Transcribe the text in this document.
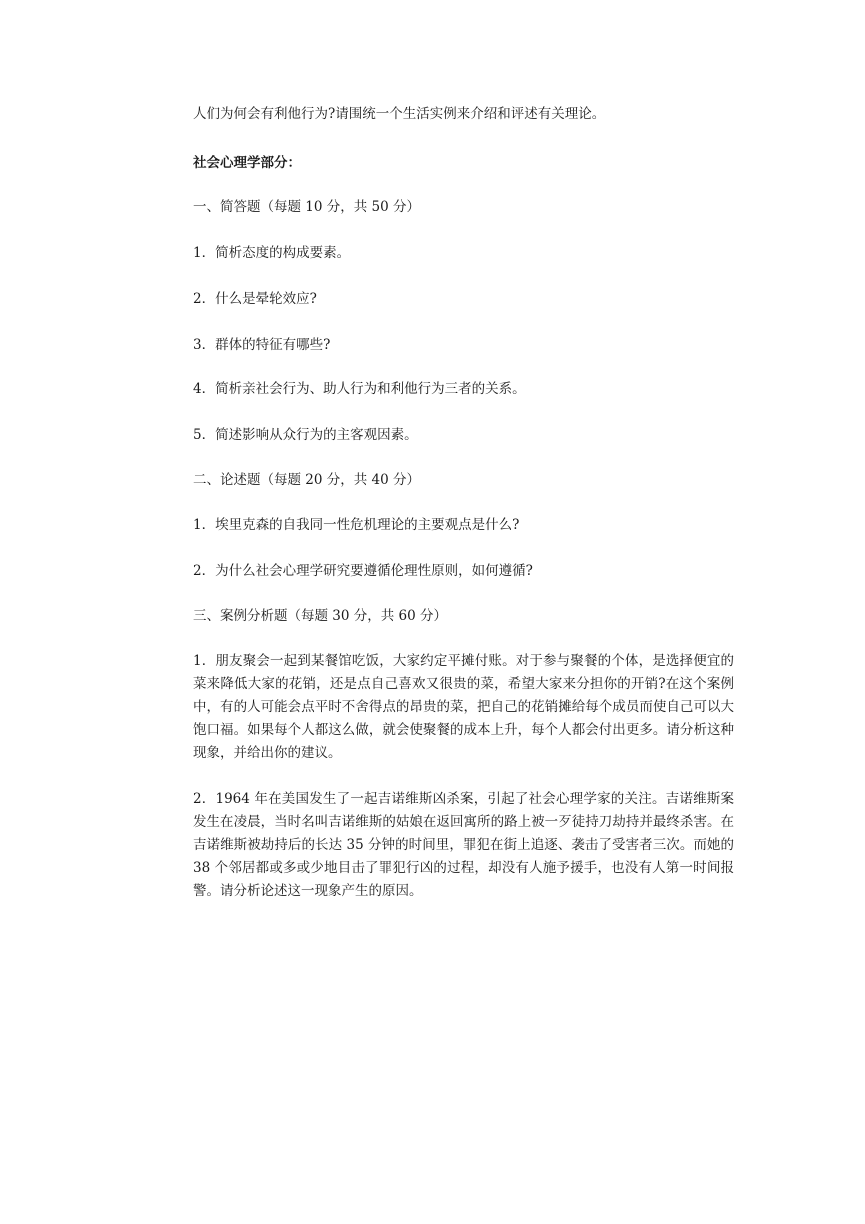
人们为何会有利他行为?请围统一个生活实例来介绍和评述有关理论。
社会心理学部分：
一、简答题（每题 10 分，共 50 分）
1．简析态度的构成要素。
2．什么是晕轮效应?
3．群体的特征有哪些?
4．简析亲社会行为、助人行为和利他行为三者的关系。
5．简述影响从众行为的主客观因素。
二、论述题（每题 20 分，共 40 分）
1．埃里克森的自我同一性危机理论的主要观点是什么?
2．为什么社会心理学研究要遵循伦理性原则，如何遵循?
三、案例分析题（每题 30 分，共 60 分）

1．朋友聚会一起到某餐馆吃饭，大家约定平摊付账。对于参与聚餐的个体，是选择便宜的菜来降低大家的花销，还是点自己喜欢又很贵的菜，希望大家来分担你的开销?在这个案例中，有的人可能会点平时不舍得点的昂贵的菜，把自己的花销摊给每个成员而使自己可以大饱口福。如果每个人都这么做，就会使聚餐的成本上升，每个人都会付出更多。请分析这种现象，并给出你的建议。

2．1964 年在美国发生了一起吉诺维斯凶杀案，引起了社会心理学家的关注。吉诺维斯案发生在凌晨，当时名叫吉诺维斯的姑娘在返回寓所的路上被一歹徒持刀劫持并最终杀害。在吉诺维斯被劫持后的长达 35 分钟的时间里，罪犯在街上追逐、袭击了受害者三次。而她的 38 个邻居都或多或少地目击了罪犯行凶的过程，却没有人施予援手，也没有人第一时间报警。请分析论述这一现象产生的原因。
